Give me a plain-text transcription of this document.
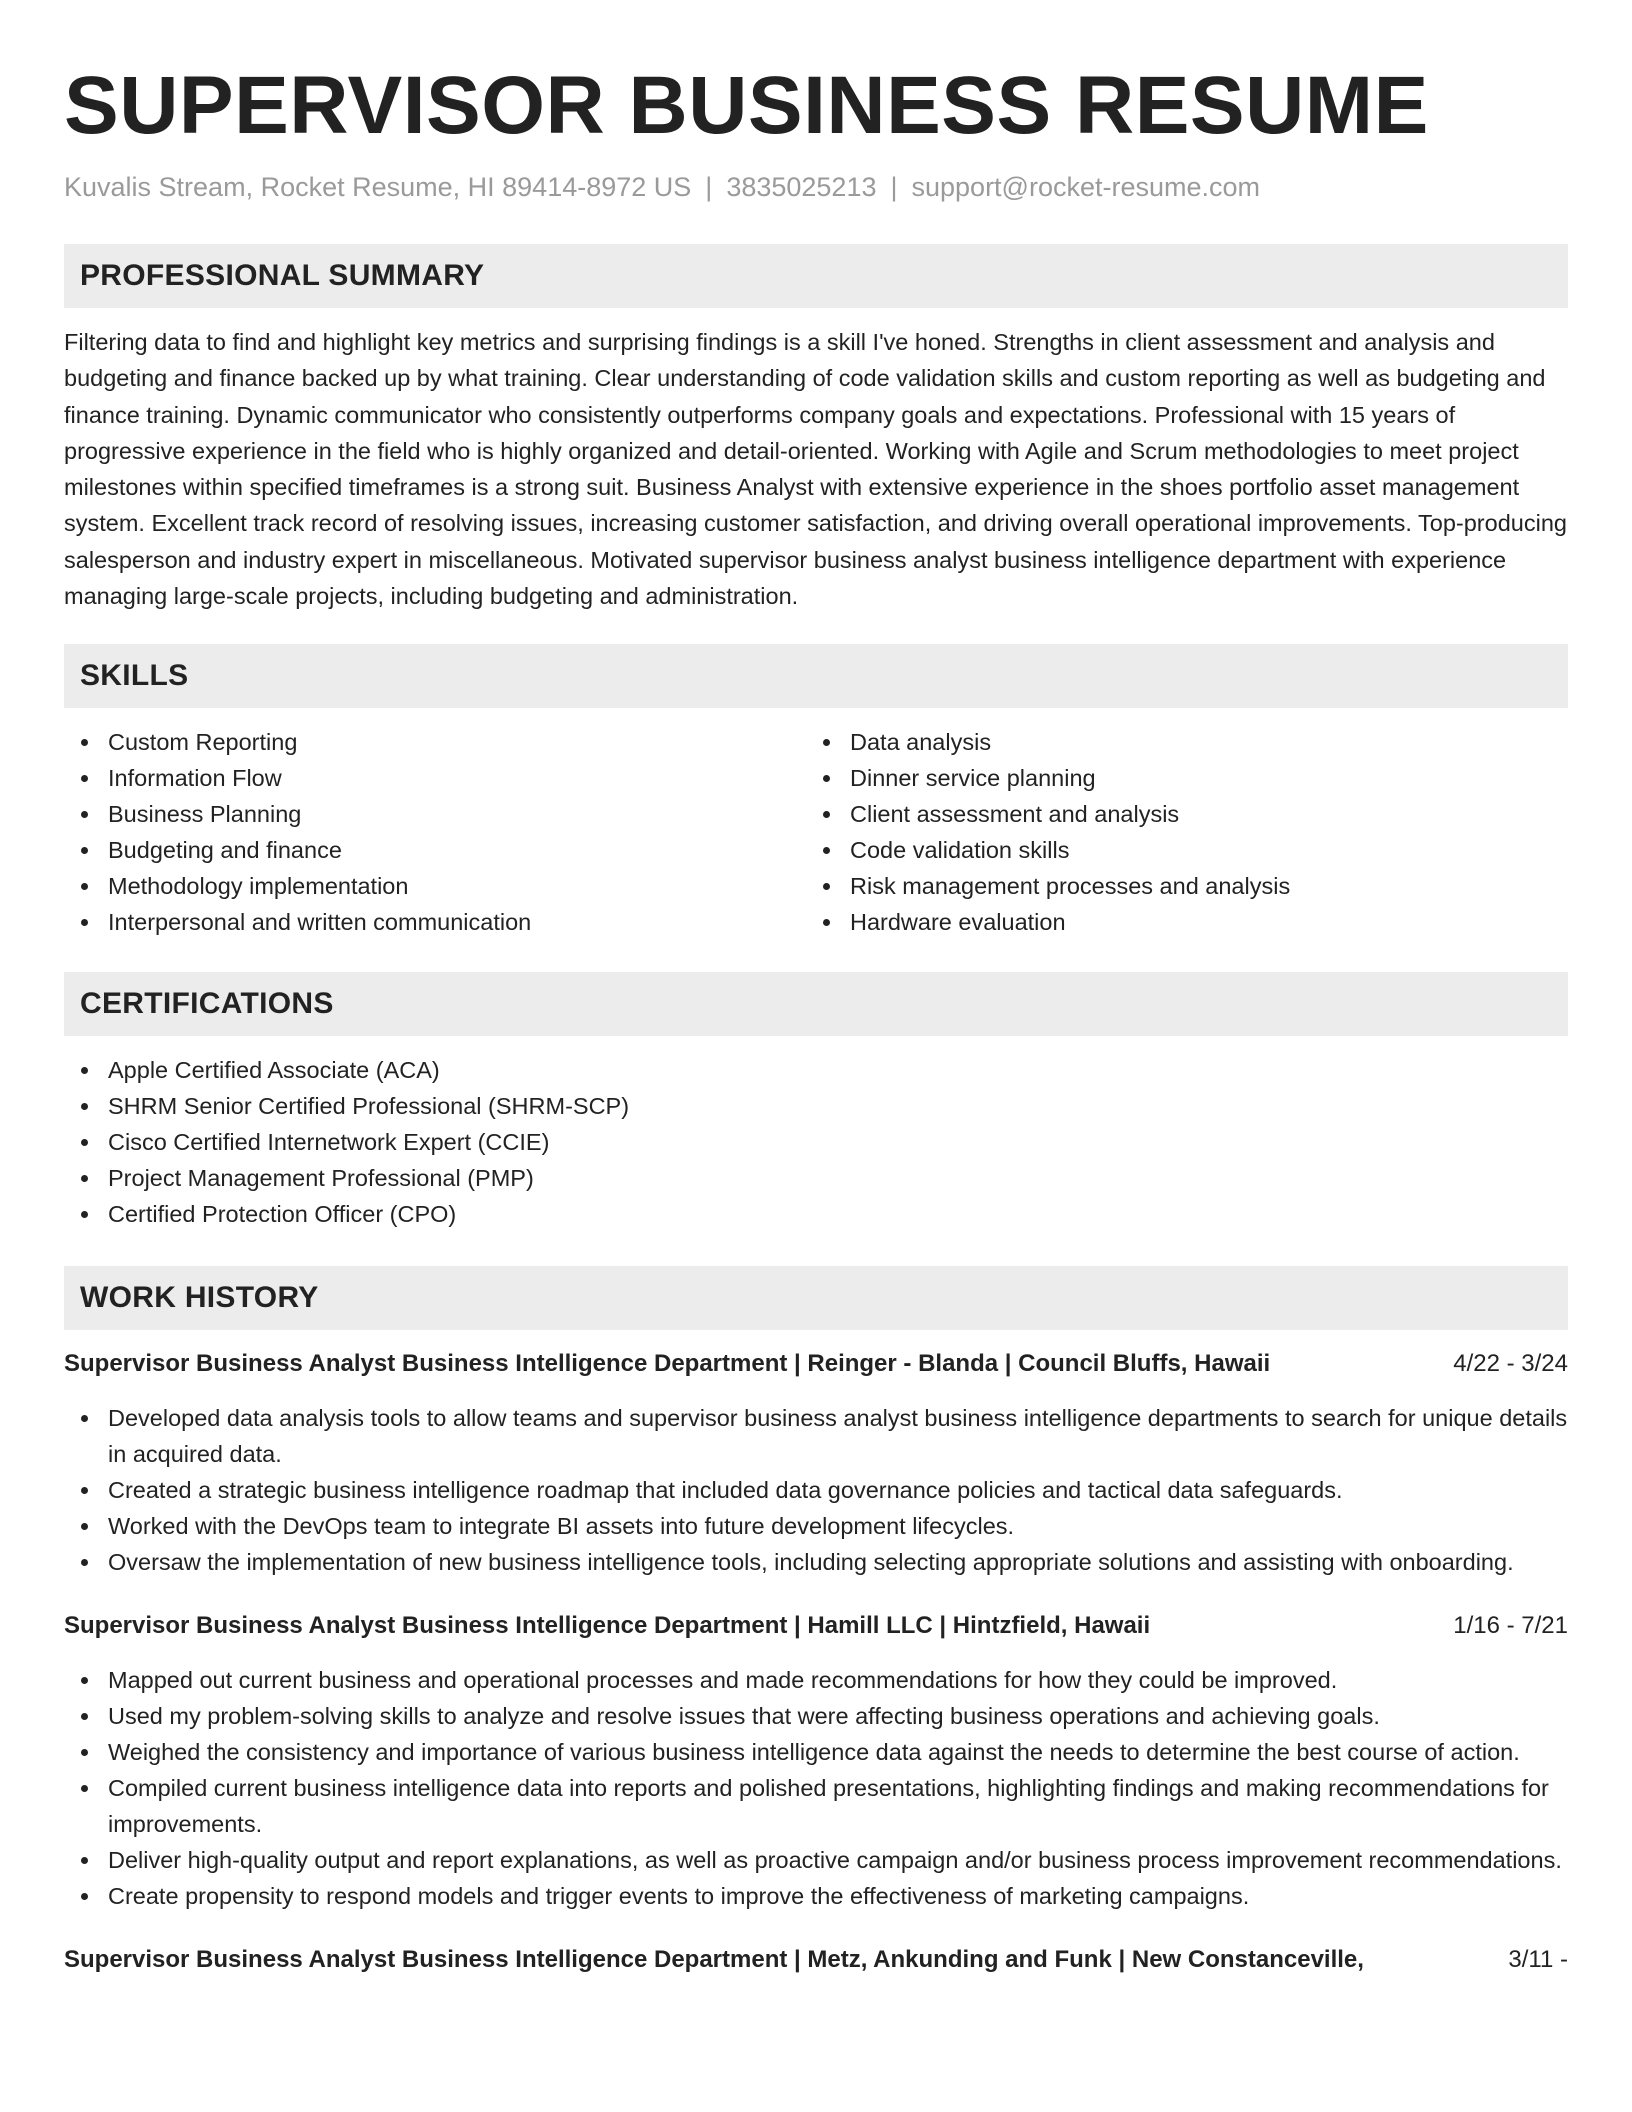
SUPERVISOR BUSINESS RESUME
Kuvalis Stream, Rocket Resume, HI 89414-8972 US | 3835025213 | support@rocket-resume.com
PROFESSIONAL SUMMARY

Filtering data to find and highlight key metrics and surprising findings is a skill I've honed. Strengths in client assessment and analysis and budgeting and finance backed up by what training. Clear understanding of code validation skills and custom reporting as well as budgeting and finance training. Dynamic communicator who consistently outperforms company goals and expectations. Professional with 15 years of progressive experience in the field who is highly organized and detail-oriented. Working with Agile and Scrum methodologies to meet project milestones within specified timeframes is a strong suit. Business Analyst with extensive experience in the shoes portfolio asset management system. Excellent track record of resolving issues, increasing customer satisfaction, and driving overall operational improvements. Top-producing salesperson and industry expert in miscellaneous. Motivated supervisor business analyst business intelligence department with experience managing large-scale projects, including budgeting and administration.

SKILLS
Custom Reporting
Information Flow
Business Planning
Budgeting and finance
Methodology implementation
Interpersonal and written communication
Data analysis
Dinner service planning
Client assessment and analysis
Code validation skills
Risk management processes and analysis
Hardware evaluation
CERTIFICATIONS
Apple Certified Associate (ACA)
SHRM Senior Certified Professional (SHRM-SCP)
Cisco Certified Internetwork Expert (CCIE)
Project Management Professional (PMP)
Certified Protection Officer (CPO)
WORK HISTORY
Supervisor Business Analyst Business Intelligence Department | Reinger - Blanda | Council Bluffs, Hawaii	4/22 - 3/24
Developed data analysis tools to allow teams and supervisor business analyst business intelligence departments to search for unique details in acquired data.
Created a strategic business intelligence roadmap that included data governance policies and tactical data safeguards.
Worked with the DevOps team to integrate BI assets into future development lifecycles.
Oversaw the implementation of new business intelligence tools, including selecting appropriate solutions and assisting with onboarding.
Supervisor Business Analyst Business Intelligence Department | Hamill LLC | Hintzfield, Hawaii	1/16 - 7/21
Mapped out current business and operational processes and made recommendations for how they could be improved.
Used my problem-solving skills to analyze and resolve issues that were affecting business operations and achieving goals.
Weighed the consistency and importance of various business intelligence data against the needs to determine the best course of action.
Compiled current business intelligence data into reports and polished presentations, highlighting findings and making recommendations for improvements.
Deliver high-quality output and report explanations, as well as proactive campaign and/or business process improvement recommendations.
Create propensity to respond models and trigger events to improve the effectiveness of marketing campaigns.
Supervisor Business Analyst Business Intelligence Department | Metz, Ankunding and Funk | New Constanceville,	3/11 -
